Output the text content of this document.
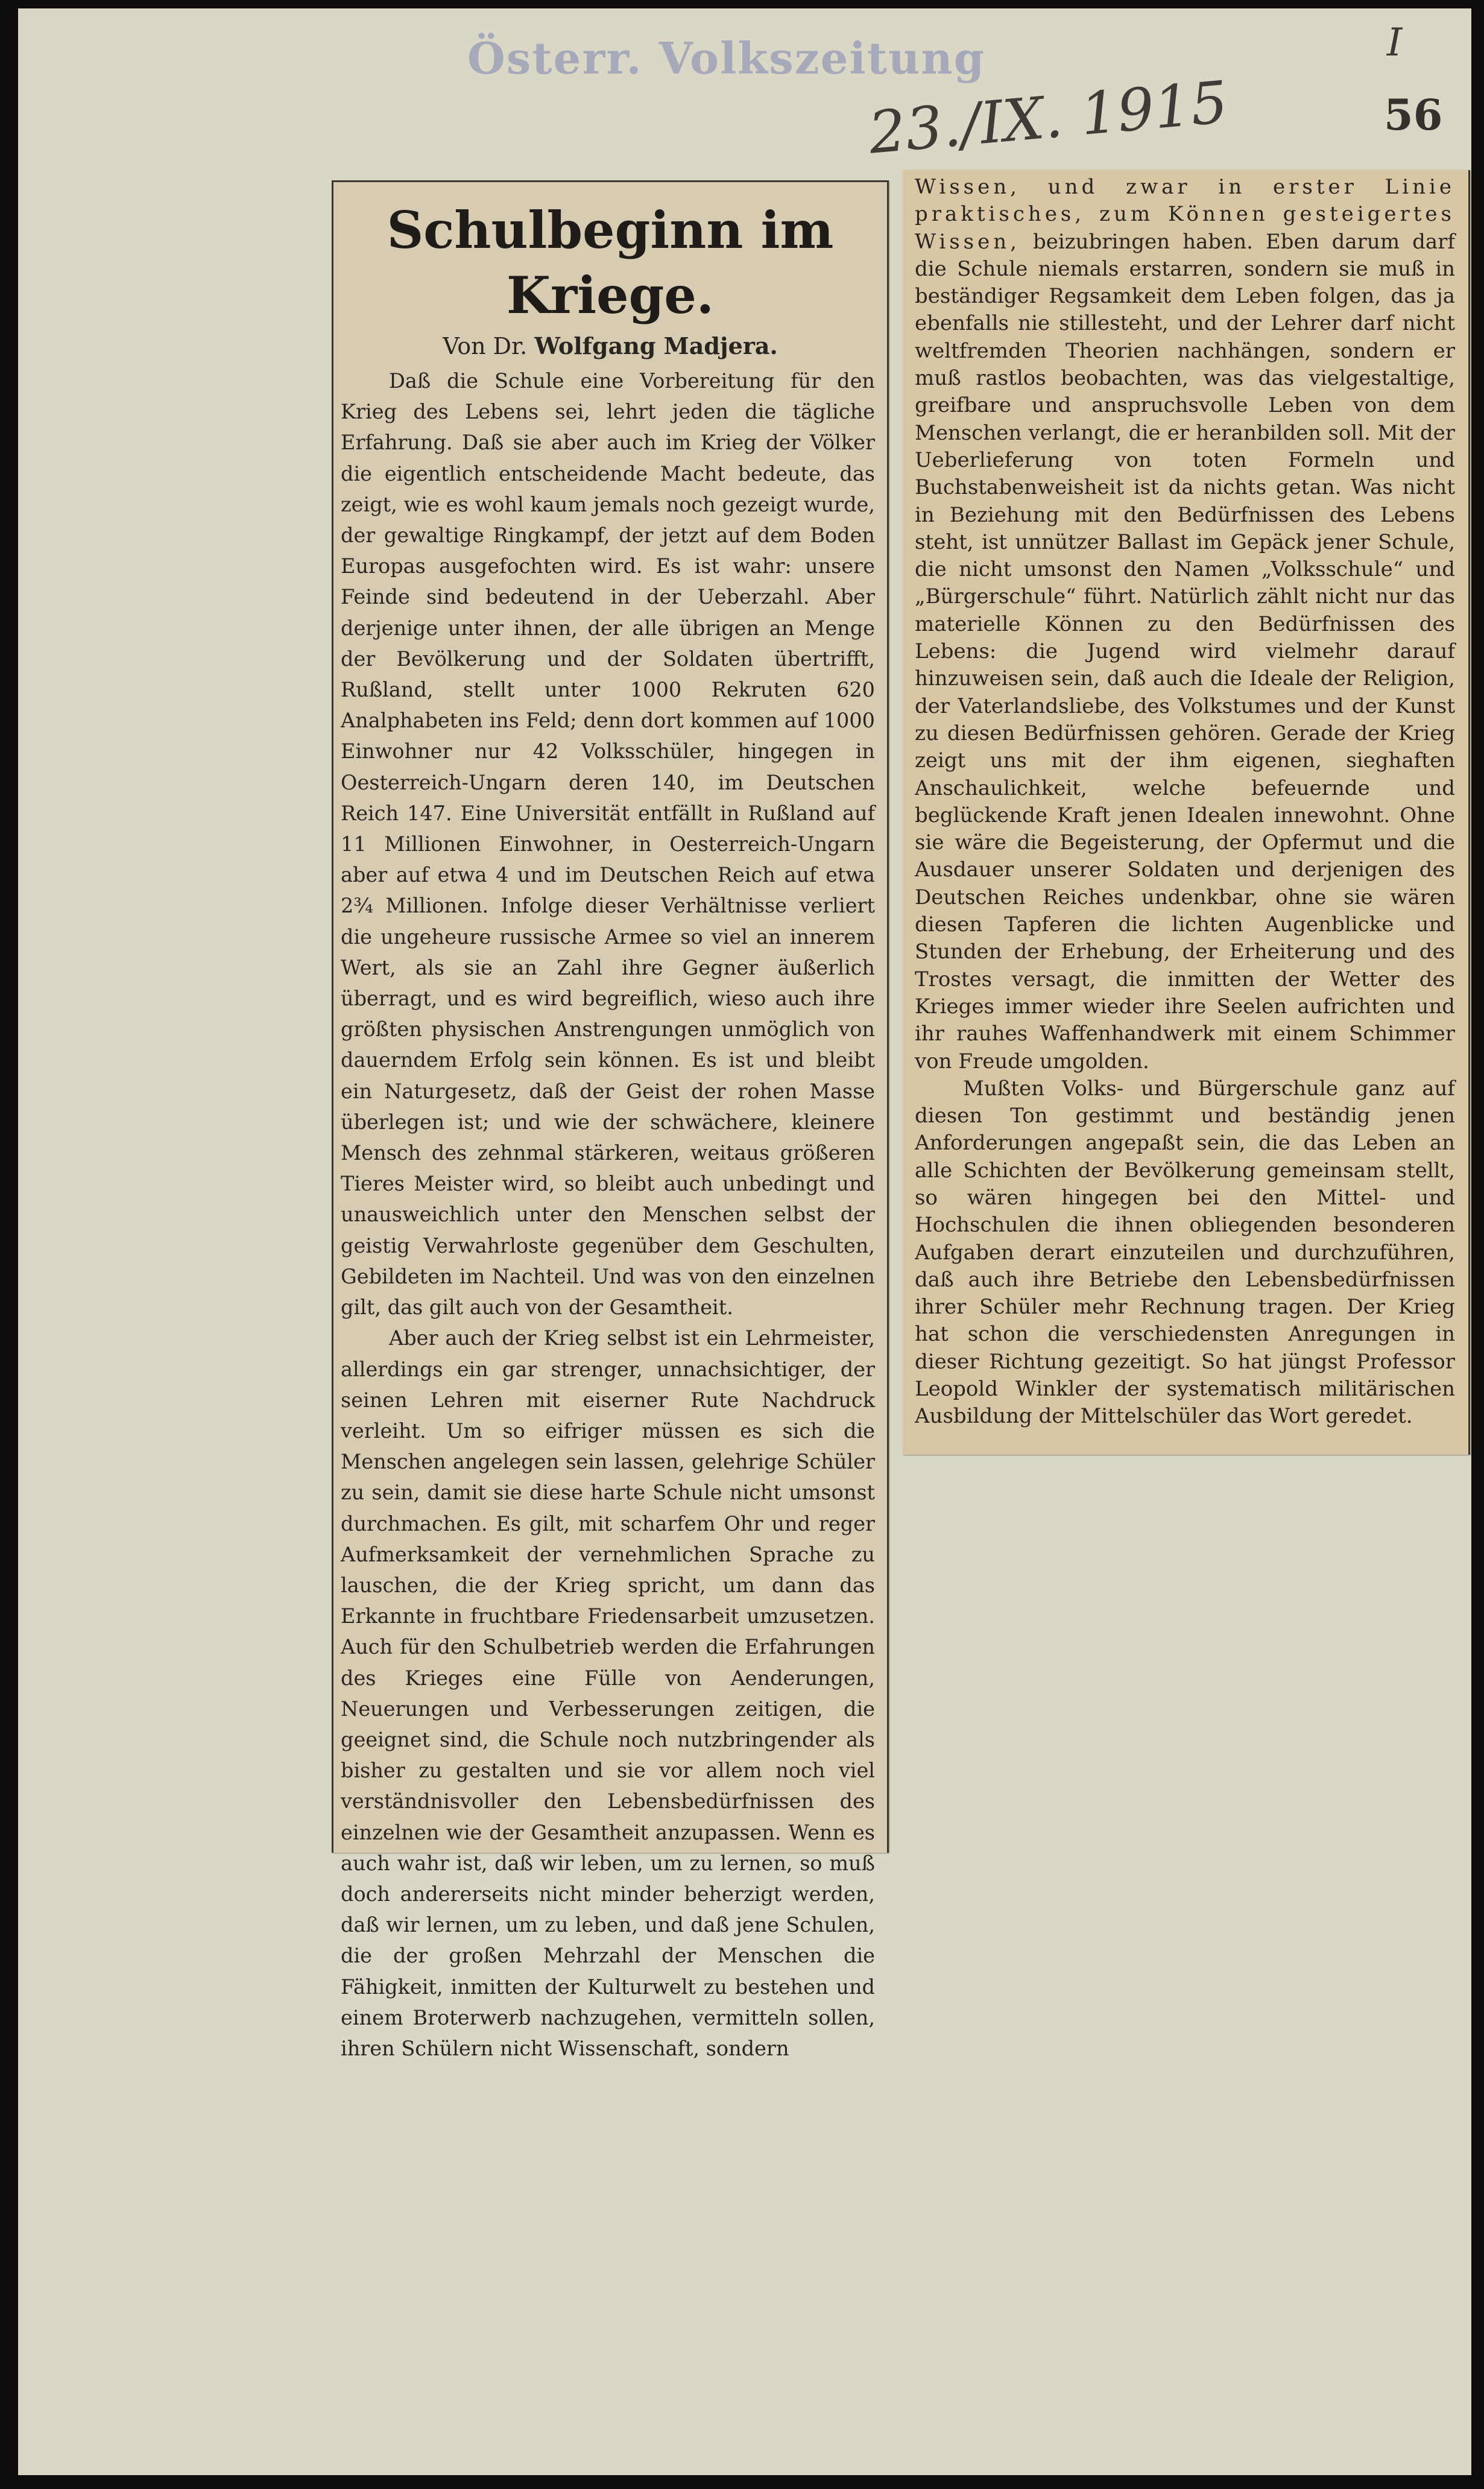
Österr. Volkszeitung
23./IX. 1915
I
56
Schulbeginn im Kriege.
Von Dr. Wolfgang Madjera.

Daß die Schule eine Vorbereitung für den Krieg des Lebens sei, lehrt jeden die tägliche Erfahrung. Daß sie aber auch im Krieg der Völker die eigentlich entscheidende Macht bedeute, das zeigt, wie es wohl kaum jemals noch gezeigt wurde, der gewaltige Ringkampf, der jetzt auf dem Boden Europas ausgefochten wird. Es ist wahr: unsere Feinde sind bedeutend in der Ueberzahl. Aber derjenige unter ihnen, der alle übrigen an Menge der Bevölkerung und der Soldaten übertrifft, Rußland, stellt unter 1000 Rekruten 620 Analphabeten ins Feld; denn dort kommen auf 1000 Einwohner nur 42 Volksschüler, hingegen in Oesterreich-Ungarn deren 140, im Deutschen Reich 147. Eine Universität entfällt in Rußland auf 11 Millionen Einwohner, in Oesterreich-Ungarn aber auf etwa 4 und im Deutschen Reich auf etwa 2¾ Millionen. Infolge dieser Verhältnisse verliert die ungeheure russische Armee so viel an innerem Wert, als sie an Zahl ihre Gegner äußerlich überragt, und es wird begreiflich, wieso auch ihre größten physischen Anstrengungen unmöglich von dauerndem Erfolg sein können. Es ist und bleibt ein Naturgesetz, daß der Geist der rohen Masse überlegen ist; und wie der schwächere, kleinere Mensch des zehnmal stärkeren, weitaus größeren Tieres Meister wird, so bleibt auch unbedingt und unausweichlich unter den Menschen selbst der geistig Verwahrloste gegenüber dem Geschulten, Gebildeten im Nachteil. Und was von den einzelnen gilt, das gilt auch von der Gesamtheit.

Aber auch der Krieg selbst ist ein Lehrmeister, allerdings ein gar strenger, unnachsichtiger, der seinen Lehren mit eiserner Rute Nachdruck verleiht. Um so eifriger müssen es sich die Menschen angelegen sein lassen, gelehrige Schüler zu sein, damit sie diese harte Schule nicht umsonst durchmachen. Es gilt, mit scharfem Ohr und reger Aufmerksamkeit der vernehmlichen Sprache zu lauschen, die der Krieg spricht, um dann das Erkannte in fruchtbare Friedensarbeit umzusetzen. Auch für den Schulbetrieb werden die Erfahrungen des Krieges eine Fülle von Aenderungen, Neuerungen und Verbesserungen zeitigen, die geeignet sind, die Schule noch nutzbringender als bisher zu gestalten und sie vor allem noch viel verständnisvoller den Lebensbedürfnissen des einzelnen wie der Gesamtheit anzupassen. Wenn es auch wahr ist, daß wir leben, um zu lernen, so muß doch andererseits nicht minder beherzigt werden, daß wir lernen, um zu leben, und daß jene Schulen, die der großen Mehrzahl der Menschen die Fähigkeit, inmitten der Kulturwelt zu bestehen und einem Broterwerb nachzugehen, vermitteln sollen, ihren Schülern nicht Wissenschaft, sondern

Wissen, und zwar in erster Linie praktisches, zum Können gesteigertes Wissen, beizubringen haben. Eben darum darf die Schule niemals erstarren, sondern sie muß in beständiger Regsamkeit dem Leben folgen, das ja ebenfalls nie stillesteht, und der Lehrer darf nicht weltfremden Theorien nachhängen, sondern er muß rastlos beobachten, was das vielgestaltige, greifbare und anspruchsvolle Leben von dem Menschen verlangt, die er heranbilden soll. Mit der Ueberlieferung von toten Formeln und Buchstabenweisheit ist da nichts getan. Was nicht in Beziehung mit den Bedürfnissen des Lebens steht, ist unnützer Ballast im Gepäck jener Schule, die nicht umsonst den Namen „Volksschule“ und „Bürgerschule“ führt. Natürlich zählt nicht nur das materielle Können zu den Bedürfnissen des Lebens: die Jugend wird vielmehr darauf hinzuweisen sein, daß auch die Ideale der Religion, der Vaterlandsliebe, des Volkstumes und der Kunst zu diesen Bedürfnissen gehören. Gerade der Krieg zeigt uns mit der ihm eigenen, sieghaften Anschaulichkeit, welche befeuernde und beglückende Kraft jenen Idealen innewohnt. Ohne sie wäre die Begeisterung, der Opfermut und die Ausdauer unserer Soldaten und derjenigen des Deutschen Reiches undenkbar, ohne sie wären diesen Tapferen die lichten Augenblicke und Stunden der Erhebung, der Erheiterung und des Trostes versagt, die inmitten der Wetter des Krieges immer wieder ihre Seelen aufrichten und ihr rauhes Waffenhandwerk mit einem Schimmer von Freude umgolden.

Mußten Volks- und Bürgerschule ganz auf diesen Ton gestimmt und beständig jenen Anforderungen angepaßt sein, die das Leben an alle Schichten der Bevölkerung gemeinsam stellt, so wären hingegen bei den Mittel- und Hochschulen die ihnen obliegenden besonderen Aufgaben derart einzuteilen und durchzuführen, daß auch ihre Betriebe den Lebensbedürfnissen ihrer Schüler mehr Rechnung tragen. Der Krieg hat schon die verschiedensten Anregungen in dieser Richtung gezeitigt. So hat jüngst Professor Leopold Winkler der systematisch militärischen Ausbildung der Mittelschüler das Wort geredet.
